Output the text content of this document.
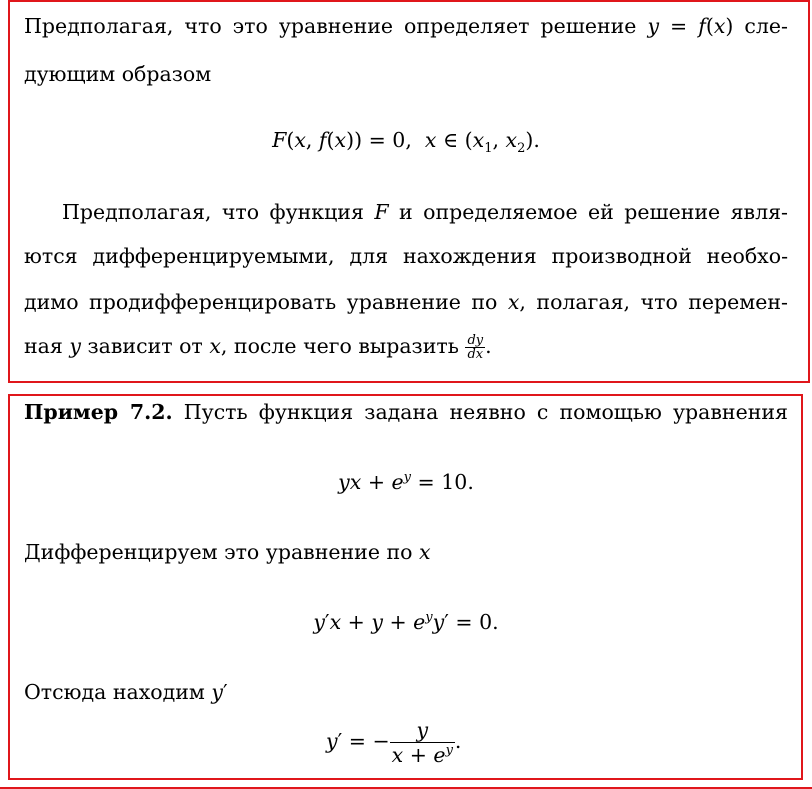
Предполагая, что это уравнение определяет решение y = f(x) сле-
дующим образом
F(x, f(x)) = 0,  x ∈ ($x_1$, $x_2$).
Предполагая, что функция F и определяемое ей решение явля-
ются дифференцируемыми, для нахождения производной необхо-
димо продифференцировать уравнение по x, полагая, что перемен-
ная y зависит от x, после чего выразить $\frac{dy}{dx}$ .
Пример 7.2. Пусть функция задана неявно с помощью уравнения
yx + $e^y = 10$.
Дифференцируем это уравнение по x
$y'x + y + e^yy' = 0$.
Отсюда находим y′
y′ = − $\frac{y}{x + e^y}$ .
